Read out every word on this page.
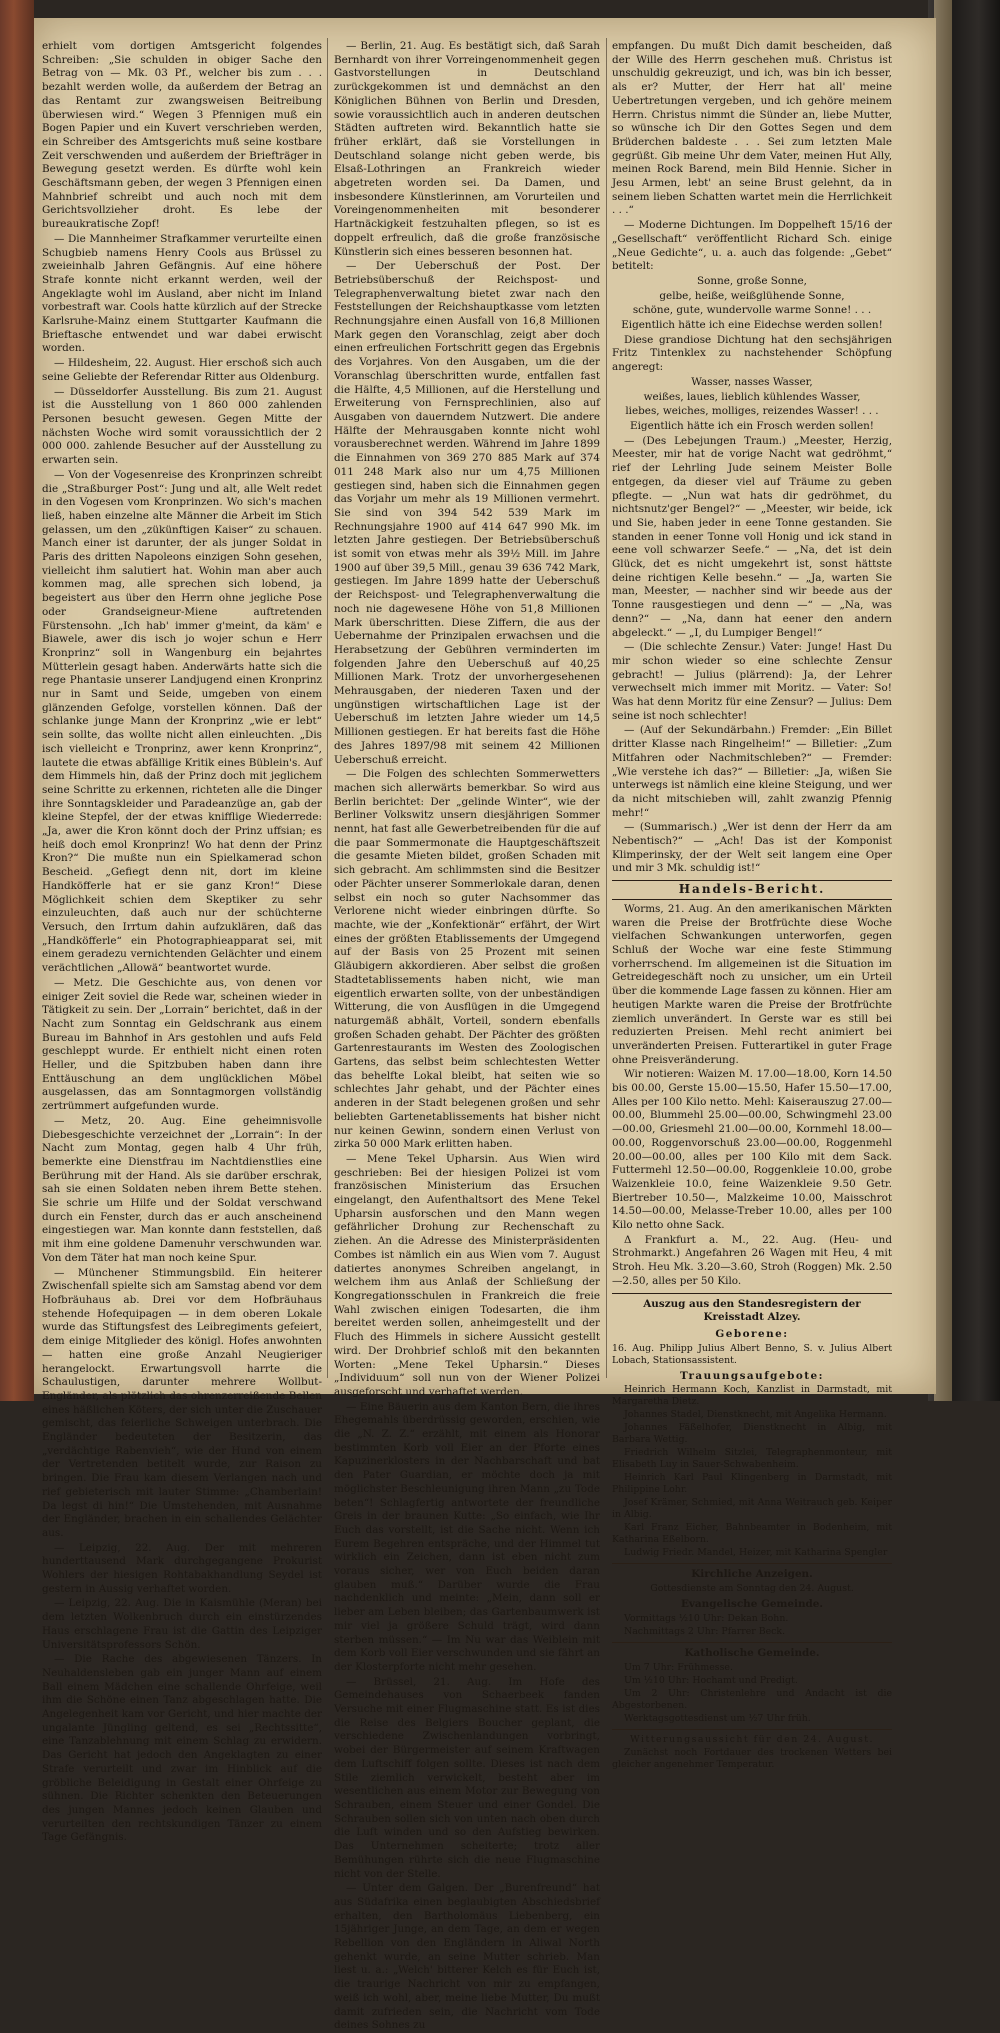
erhielt vom dortigen Amtsgericht folgendes Schreiben: „Sie schulden in obiger Sache den Betrag von — Mk. 03 Pf., welcher bis zum . . . bezahlt werden wolle, da außerdem der Betrag an das Rentamt zur zwangsweisen Beitreibung überwiesen wird.“ Wegen 3 Pfennigen muß ein Bogen Papier und ein Kuvert verschrieben werden, ein Schreiber des Amtsgerichts muß seine kostbare Zeit verschwenden und außerdem der Briefträger in Bewegung gesetzt werden. Es dürfte wohl kein Geschäftsmann geben, der wegen 3 Pfennigen einen Mahnbrief schreibt und auch noch mit dem Gerichtsvollzieher droht. Es lebe der bureaukratische Zopf!

— Die Mannheimer Strafkammer verurteilte einen Schugbieb namens Henry Cools aus Brüssel zu zweieinhalb Jahren Gefängnis. Auf eine höhere Strafe konnte nicht erkannt werden, weil der Angeklagte wohl im Ausland, aber nicht im Inland vorbestraft war. Cools hatte kürzlich auf der Strecke Karlsruhe-Mainz einem Stuttgarter Kaufmann die Brieftasche entwendet und war dabei erwischt worden.

— Hildesheim, 22. August. Hier erschoß sich auch seine Geliebte der Referendar Ritter aus Oldenburg.

— Düsseldorfer Ausstellung. Bis zum 21. August ist die Ausstellung von 1 860 000 zahlenden Personen besucht gewesen. Gegen Mitte der nächsten Woche wird somit voraussichtlich der 2 000 000. zahlende Besucher auf der Ausstellung zu erwarten sein.

— Von der Vogesenreise des Kronprinzen schreibt die „Straßburger Post“: Jung und alt, alle Welt redet in den Vogesen vom Kronprinzen. Wo sich's machen ließ, haben einzelne alte Männer die Arbeit im Stich gelassen, um den „zükünftigen Kaiser“ zu schauen. Manch einer ist darunter, der als junger Soldat in Paris des dritten Napoleons einzigen Sohn gesehen, vielleicht ihm salutiert hat. Wohin man aber auch kommen mag, alle sprechen sich lobend, ja begeistert aus über den Herrn ohne jegliche Pose oder Grandseigneur-Miene auftretenden Fürstensohn. „Ich hab' immer g'meint, da käm' e Biawele, awer dis isch jo wojer schun e Herr Kronprinz“ soll in Wangenburg ein bejahrtes Mütterlein gesagt haben. Anderwärts hatte sich die rege Phantasie unserer Landjugend einen Kronprinz nur in Samt und Seide, umgeben von einem glänzenden Gefolge, vorstellen können. Daß der schlanke junge Mann der Kronprinz „wie er lebt“ sein sollte, das wollte nicht allen einleuchten. „Dis isch vielleicht e Tronprinz, awer kenn Kronprinz“, lautete die etwas abfällige Kritik eines Büblein's. Auf dem Himmels hin, daß der Prinz doch mit jeglichem seine Schritte zu erkennen, richteten alle die Dinger ihre Sonntagskleider und Paradeanzüge an, gab der kleine Stepfel, der der etwas knifflige Wiederrede: „Ja, awer die Kron könnt doch der Prinz uffsian; es heiß doch emol Kronprinz! Wo hat denn der Prinz Kron?“ Die mußte nun ein Spielkamerad schon Bescheid. „Gefiegt denn nit, dort im kleine Handköfferle hat er sie ganz Kron!“ Diese Möglichkeit schien dem Skeptiker zu sehr einzuleuchten, daß auch nur der schüchterne Versuch, den Irrtum dahin aufzuklären, daß das „Handköfferle“ ein Photographieapparat sei, mit einem geradezu vernichtenden Gelächter und einem verächtlichen „Allowä“ beantwortet wurde.

— Metz. Die Geschichte aus, von denen vor einiger Zeit soviel die Rede war, scheinen wieder in Tätigkeit zu sein. Der „Lorrain“ berichtet, daß in der Nacht zum Sonntag ein Geldschrank aus einem Bureau im Bahnhof in Ars gestohlen und aufs Feld geschleppt wurde. Er enthielt nicht einen roten Heller, und die Spitzbuben haben dann ihre Enttäuschung an dem unglücklichen Möbel ausgelassen, das am Sonntagmorgen vollständig zertrümmert aufgefunden wurde.

— Metz, 20. Aug. Eine geheimnisvolle Diebesgeschichte verzeichnet der „Lorrain“: In der Nacht zum Montag, gegen halb 4 Uhr früh, bemerkte eine Dienstfrau im Nachtdienstlies eine Berührung mit der Hand. Als sie darüber erschrak, sah sie einen Soldaten neben ihrem Bette stehen. Sie schrie um Hilfe und der Soldat verschwand durch ein Fenster, durch das er auch anscheinend eingestiegen war. Man konnte dann feststellen, daß mit ihm eine goldene Damenuhr verschwunden war. Von dem Täter hat man noch keine Spur.

— Münchener Stimmungsbild. Ein heiterer Zwischenfall spielte sich am Samstag abend vor dem Hofbräuhaus ab. Drei vor dem Hofbräuhaus stehende Hofequipagen — in dem oberen Lokale wurde das Stiftungsfest des Leibregiments gefeiert, dem einige Mitglieder des königl. Hofes anwohnten — hatten eine große Anzahl Neugieriger herangelockt. Erwartungsvoll harrte die Schaulustigen, darunter mehrere Wollbut-Engländer, als plötzlich das ohrenzerreißende Bellen eines häßlichen Köters, der sich unter die Zuschauer gemischt, das feierliche Schweigen unterbrach. Die Engländer bedeuteten der Besitzerin, das „verdächtige Rabenvieh“, wie der Hund von einem der Vertretenden betitelt wurde, zur Raison zu bringen. Die Frau kam diesem Verlangen nach und rief gebieterisch mit lauter Stimme: „Chamberlain! Da legst di hin!“ Die Umstehenden, mit Ausnahme der Engländer, brachen in ein schallendes Gelächter aus.

— Leipzig, 22. Aug. Der mit mehreren hunderttausend Mark durchgegangene Prokurist Wohlers der hiesigen Rohtabakhandlung Seydel ist gestern in Aussig verhaftet worden.

— Leipzig, 22. Aug. Die in Kaismühle (Meran) bei dem letzten Wolkenbruch durch ein einstürzendes Haus erschlagene Frau ist die Gattin des Leipziger Universitätsprofessors Schön.

— Die Rache des abgewiesenen Tänzers. In Neuhaldensleben gab ein junger Mann auf einem Ball einem Mädchen eine schallende Ohrfeige, weil ihm die Schöne einen Tanz abgeschlagen hatte. Die Angelegenheit kam vor Gericht, und hier machte der ungalante Jüngling geltend, es sei „Rechtssitte“, eine Tanzablehnung mit einem Schlag zu erwidern. Das Gericht hat jedoch den Angeklagten zu einer Strafe verurteilt und zwar im Hinblick auf die gröbliche Beleidigung in Gestalt einer Ohrfeige zu sühnen. Die Richter schenkten den Beteuerungen des jungen Mannes jedoch keinen Glauben und verurteilten den rechtskundigen Tänzer zu einem Tage Gefängnis.

— Berlin, 21. Aug. Es bestätigt sich, daß Sarah Bernhardt von ihrer Vorreingenommenheit gegen Gastvorstellungen in Deutschland zurückgekommen ist und demnächst an den Königlichen Bühnen von Berlin und Dresden, sowie voraussichtlich auch in anderen deutschen Städten auftreten wird. Bekanntlich hatte sie früher erklärt, daß sie Vorstellungen in Deutschland solange nicht geben werde, bis Elsaß-Lothringen an Frankreich wieder abgetreten worden sei. Da Damen, und insbesondere Künstlerinnen, am Vorurteilen und Voreingenommenheiten mit besonderer Hartnäckigkeit festzuhalten pflegen, so ist es doppelt erfreulich, daß die große französische Künstlerin sich eines besseren besonnen hat.

— Der Ueberschuß der Post. Der Betriebsüberschuß der Reichspost- und Telegraphenverwaltung bietet zwar nach den Feststellungen der Reichshauptkasse vom letzten Rechnungsjahre einen Ausfall von 16,8 Millionen Mark gegen den Voranschlag, zeigt aber doch einen erfreulichen Fortschritt gegen das Ergebnis des Vorjahres. Von den Ausgaben, um die der Voranschlag überschritten wurde, entfallen fast die Hälfte, 4,5 Millionen, auf die Herstellung und Erweiterung von Fernsprechlinien, also auf Ausgaben von dauerndem Nutzwert. Die andere Hälfte der Mehrausgaben konnte nicht wohl vorausberechnet werden. Während im Jahre 1899 die Einnahmen von 369 270 885 Mark auf 374 011 248 Mark also nur um 4,75 Millionen gestiegen sind, haben sich die Einnahmen gegen das Vorjahr um mehr als 19 Millionen vermehrt. Sie sind von 394 542 539 Mark im Rechnungsjahre 1900 auf 414 647 990 Mk. im letzten Jahre gestiegen. Der Betriebsüberschuß ist somit von etwas mehr als 39½ Mill. im Jahre 1900 auf über 39,5 Mill., genau 39 636 742 Mark, gestiegen. Im Jahre 1899 hatte der Ueberschuß der Reichspost- und Telegraphenverwaltung die noch nie dagewesene Höhe von 51,8 Millionen Mark überschritten. Diese Ziffern, die aus der Uebernahme der Prinzipalen erwachsen und die Herabsetzung der Gebühren verminderten im folgenden Jahre den Ueberschuß auf 40,25 Millionen Mark. Trotz der unvorhergesehenen Mehrausgaben, der niederen Taxen und der ungünstigen wirtschaftlichen Lage ist der Ueberschuß im letzten Jahre wieder um 14,5 Millionen gestiegen. Er hat bereits fast die Höhe des Jahres 1897/98 mit seinem 42 Millionen Ueberschuß erreicht.

— Die Folgen des schlechten Sommerwetters machen sich allerwärts bemerkbar. So wird aus Berlin berichtet: Der „gelinde Winter“, wie der Berliner Volkswitz unsern diesjährigen Sommer nennt, hat fast alle Gewerbetreibenden für die auf die paar Sommermonate die Hauptgeschäftszeit die gesamte Mieten bildet, großen Schaden mit sich gebracht. Am schlimmsten sind die Besitzer oder Pächter unserer Sommerlokale daran, denen selbst ein noch so guter Nachsommer das Verlorene nicht wieder einbringen dürfte. So machte, wie der „Konfektionär“ erfährt, der Wirt eines der größten Etablissements der Umgegend auf der Basis von 25 Prozent mit seinen Gläubigern akkordieren. Aber selbst die großen Stadtetablissements haben nicht, wie man eigentlich erwarten sollte, von der unbeständigen Witterung, die von Ausflügen in die Umgegend naturgemäß abhält, Vorteil, sondern ebenfalls großen Schaden gehabt. Der Pächter des größten Gartenrestaurants im Westen des Zoologischen Gartens, das selbst beim schlechtesten Wetter das behelfte Lokal bleibt, hat seiten wie so schlechtes Jahr gehabt, und der Pächter eines anderen in der Stadt belegenen großen und sehr beliebten Gartenetablissements hat bisher nicht nur keinen Gewinn, sondern einen Verlust von zirka 50 000 Mark erlitten haben.

— Mene Tekel Upharsin. Aus Wien wird geschrieben: Bei der hiesigen Polizei ist vom französischen Ministerium das Ersuchen eingelangt, den Aufenthaltsort des Mene Tekel Upharsin ausforschen und den Mann wegen gefährlicher Drohung zur Rechenschaft zu ziehen. An die Adresse des Ministerpräsidenten Combes ist nämlich ein aus Wien vom 7. August datiertes anonymes Schreiben angelangt, in welchem ihm aus Anlaß der Schließung der Kongregationsschulen in Frankreich die freie Wahl zwischen einigen Todesarten, die ihm bereitet werden sollen, anheimgestellt und der Fluch des Himmels in sichere Aussicht gestellt wird. Der Drohbrief schloß mit den bekannten Worten: „Mene Tekel Upharsin.“ Dieses „Individuum“ soll nun von der Wiener Polizei ausgeforscht und verhaftet werden.

— Eine Bäuerin aus dem Kanton Bern, die ihres Ehegemahls überdrüssig geworden, erschien, wie die „N. Z. Z.“ erzählt, mit einem als Honorar bestimmten Korb voll Eier an der Pforte eines Kapuzinerklosters in der Nachbarschaft und bat den Pater Guardian, er möchte doch ja mit möglichster Beschleunigung ihren Mann „zu Tode beten“! Schlagfertig antwortete der freundliche Greis in der braunen Kutte: „So einfach, wie Ihr Euch das vorstellt, ist die Sache nicht. Wenn ich Eurem Begehren entspräche, und der Himmel tut wirklich ein Zeichen, dann ist eben nicht zum voraus sicher, wer von Euch beiden daran glauben muß.“ Darüber wurde die Frau nachdenklich und meinte: „Mein, dann soll er lieber am Leben bleiben; das Gartenbaumwerk ist mir viel ja größere Schuld trägt, wird dann sterben müssen.“ — Im Nu war das Weiblein mit dem Korb voll Eier verschwunden und sie fährt an der Klosterpforte nicht mehr gesehen.

— Brüssel, 21. Aug. Im Hofe des Gemeindehauses von Schaerbeek fanden Versuche mit einer Flugmaschine statt. Es ist dies die Reise des Belgiers Boucher geplant, die verschiedene Zwischenlandungen vorbringt, wobei der Bürgermeister auf seinem Kraftwagen dem Luftschiff folgen sollte. Dieses ist nach dem Stile ziemlich verwickelt, besteht aber im wesentlichen aus einem Motor zur Bewegung von Schrauben, einem Steuer und einer Gondel. Die Schrauben sollen sich von unten nach oben durch die Luft winden und so den Aufstieg bewirken. Das Unternehmen scheiterte; trotz aller Bemühungen rührte sich die neue Flugmaschine nicht von der Stelle.

— Unter dem Galgen. Der „Burenfreund“ hat aus Südafrika einen beglaubigten Abschiedsbrief erhalten, den Bartholomäus Liebenberg, ein 15jähriger Junge, an dem Tage, an dem er wegen Rebellion von den Engländern in Aliwal North gehenkt wurde, an seine Mutter schrieb. Man liest u. a.: „Welch' bitterer Kelch es für Euch ist, die traurige Nachricht von mir zu empfangen, weiß ich wohl, aber, meine liebe Mutter, Du mußt damit zufrieden sein, die Nachricht vom Tode deines Sohnes zu

empfangen. Du mußt Dich damit bescheiden, daß der Wille des Herrn geschehen muß. Christus ist unschuldig gekreuzigt, und ich, was bin ich besser, als er? Mutter, der Herr hat all' meine Uebertretungen vergeben, und ich gehöre meinem Herrn. Christus nimmt die Sünder an, liebe Mutter, so wünsche ich Dir den Gottes Segen und dem Brüderchen baldeste . . . Sei zum letzten Male gegrüßt. Gib meine Uhr dem Vater, meinen Hut Ally, meinen Rock Barend, mein Bild Hennie. Sicher in Jesu Armen, lebt' an seine Brust gelehnt, da in seinem lieben Schatten wartet mein die Herrlichkeit . . .“

— Moderne Dichtungen. Im Doppelheft 15/16 der „Gesellschaft“ veröffentlicht Richard Sch. einige „Neue Gedichte“, u. a. auch das folgende: „Gebet“ betitelt:

Sonne, große Sonne,

gelbe, heiße, weißglühende Sonne,

schöne, gute, wundervolle warme Sonne! . . .

Eigentlich hätte ich eine Eidechse werden sollen!

Diese grandiose Dichtung hat den sechsjährigen Fritz Tintenklex zu nachstehender Schöpfung angeregt:

Wasser, nasses Wasser,

weißes, laues, lieblich kühlendes Wasser,

liebes, weiches, molliges, reizendes Wasser! . . .

Eigentlich hätte ich ein Frosch werden sollen!

— (Des Lebejungen Traum.) „Meester, Herzig, Meester, mir hat de vorige Nacht wat gedröhmt,“ rief der Lehrling Jude seinem Meister Bolle entgegen, da dieser viel auf Träume zu geben pflegte. — „Nun wat hats dir gedröhmet, du nichtsnutz'ger Bengel?“ — „Meester, wir beide, ick und Sie, haben jeder in eene Tonne gestanden. Sie standen in eener Tonne voll Honig und ick stand in eene voll schwarzer Seefe.“ — „Na, det ist dein Glück, det es nicht umgekehrt ist, sonst hättste deine richtigen Kelle besehn.“ — „Ja, warten Sie man, Meester, — nachher sind wir beede aus der Tonne rausgestiegen und denn —“ — „Na, was denn?“ — „Na, dann hat eener den andern abgeleckt.“ — „I, du Lumpiger Bengel!“

— (Die schlechte Zensur.) Vater: Junge! Hast Du mir schon wieder so eine schlechte Zensur gebracht! — Julius (plärrend): Ja, der Lehrer verwechselt mich immer mit Moritz. — Vater: So! Was hat denn Moritz für eine Zensur? — Julius: Dem seine ist noch schlechter!

— (Auf der Sekundärbahn.) Fremder: „Ein Billet dritter Klasse nach Ringelheim!“ — Billetier: „Zum Mitfahren oder Nachmitschleben?“ — Fremder: „Wie verstehe ich das?“ — Billetier: „Ja, wißen Sie unterwegs ist nämlich eine kleine Steigung, und wer da nicht mitschieben will, zahlt zwanzig Pfennig mehr!“

— (Summarisch.) „Wer ist denn der Herr da am Nebentisch?“ — „Ach! Das ist der Komponist Klimperinsky, der der Welt seit langem eine Oper und mir 3 Mk. schuldig ist!“

Handels-Bericht.

Worms, 21. Aug. An den amerikanischen Märkten waren die Preise der Brotfrüchte diese Woche vielfachen Schwankungen unterworfen, gegen Schluß der Woche war eine feste Stimmung vorherrschend. Im allgemeinen ist die Situation im Getreidegeschäft noch zu unsicher, um ein Urteil über die kommende Lage fassen zu können. Hier am heutigen Markte waren die Preise der Brotfrüchte ziemlich unverändert. In Gerste war es still bei reduzierten Preisen. Mehl recht animiert bei unveränderten Preisen. Futterartikel in guter Frage ohne Preisveränderung.

Wir notieren: Waizen M. 17.00—18.00, Korn 14.50 bis 00.00, Gerste 15.00—15.50, Hafer 15.50—17.00, Alles per 100 Kilo netto. Mehl: Kaiserauszug 27.00—00.00, Blummehl 25.00—00.00, Schwingmehl 23.00—00.00, Griesmehl 21.00—00.00, Kornmehl 18.00—00.00, Roggenvorschuß 23.00—00.00, Roggenmehl 20.00—00.00, alles per 100 Kilo mit dem Sack. Futtermehl 12.50—00.00, Roggenkleie 10.00, grobe Waizenkleie 10.0, feine Waizenkleie 9.50 Getr. Biertreber 10.50—, Malzkeime 10.00, Maisschrot 14.50—00.00, Melasse-Treber 10.00, alles per 100 Kilo netto ohne Sack.

Δ Frankfurt a. M., 22. Aug. (Heu- und Strohmarkt.) Angefahren 26 Wagen mit Heu, 4 mit Stroh. Heu Mk. 3.20—3.60, Stroh (Roggen) Mk. 2.50—2.50, alles per 50 Kilo.

Auszug aus den Standesregistern der Kreisstadt Alzey.
Geborene:

16. Aug. Philipp Julius Albert Benno, S. v. Julius Albert Lobach, Stationsassistent.

Trauungsaufgebote:

Heinrich Hermann Koch, Kanzlist in Darmstadt, mit Margaretha Dietz.

Johannes Stadel, Dienstknecht, mit Angelika Hermann.

Johannes Fäßelhofer, Dienstknecht in Albig, mit Barbara Wettig.

Friedrich Wilhelm Sitzlei, Telegraphenmonteur, mit Elisabeth Luy in Sauer-Schwabenheim.

Heinrich Karl Paul Klingenberg in Darmstadt, mit Philippine Lohr.

Josef Krämer, Schmied, mit Anna Weitrauch geb. Keiper in Albig.

Karl Franz Eicher, Bahnbeamter in Bodenheim, mit Katharina Eßelborn.

Ludwig Friedr. Mandel, Heizer, mit Katharina Spengler

Kirchliche Anzeigen.

Gottesdienste am Sonntag den 24. August.

Evangelische Gemeinde.

Vormittags ½10 Uhr: Dekan Bohn.

Nachmittags 2 Uhr: Pfarrer Beck.

Katholische Gemeinde.

Um 7 Uhr: Frühmesse.

Um ½10 Uhr: Hochamt und Predigt.

Um 2 Uhr: Christenlehre und Andacht ist die Abgestorbenen.

Werktagsgottesdienst um ½7 Uhr früh.

Witterungsaussicht für den 24. August.

Zunächst noch Fortdauer des trockenen Wetters bei gleicher angenehmer Temperatur.
